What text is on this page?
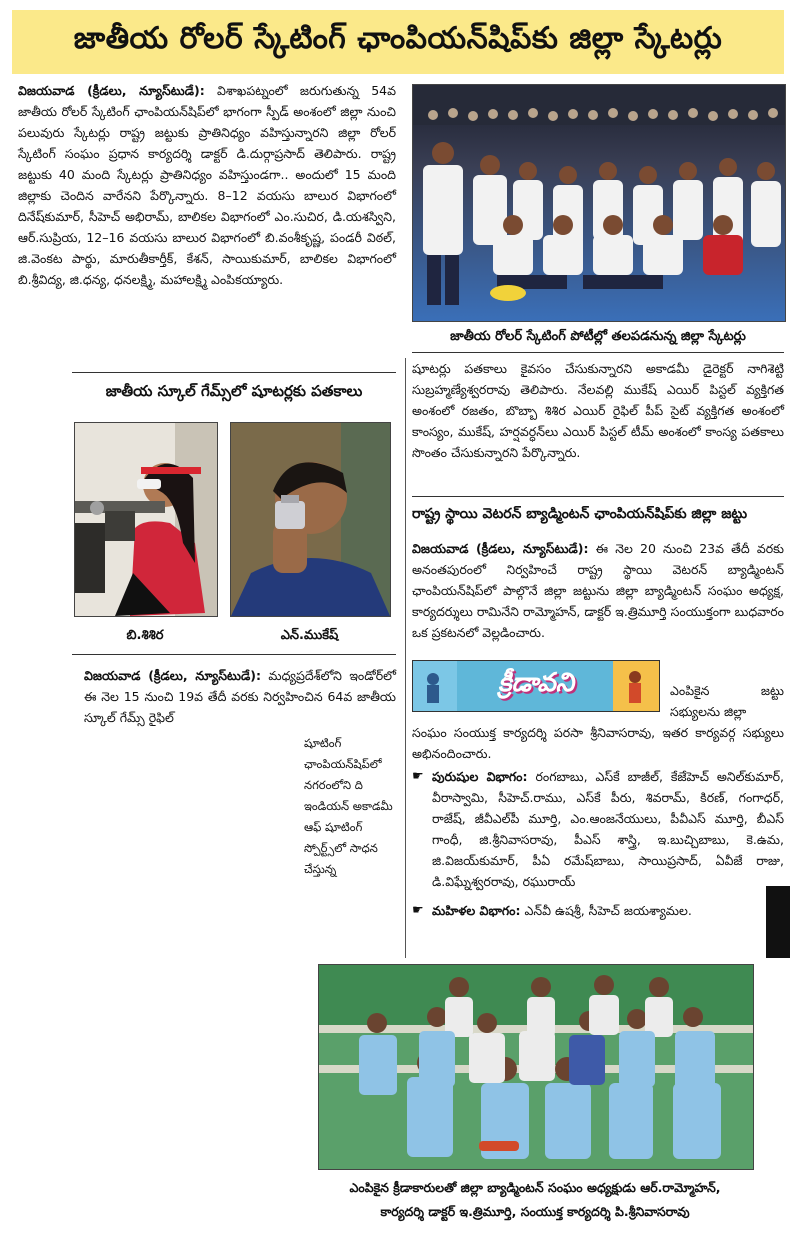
జాతీయ రోలర్ స్కేటింగ్ ఛాంపియన్‌షిప్‌కు జిల్లా స్కేటర్లు

విజయవాడ (క్రీడలు, న్యూస్‌టుడే): విశాఖపట్నంలో జరుగుతున్న 54వ జాతీయ రోలర్ స్కేటింగ్ ఛాంపియన్‌షిప్‌లో భాగంగా స్పీడ్ అంశంలో జిల్లా నుంచి పలువురు స్కేటర్లు రాష్ట్ర జట్టుకు ప్రాతినిధ్యం వహిస్తున్నారని జిల్లా రోలర్ స్కేటింగ్ సంఘం ప్రధాన కార్యదర్శి డాక్టర్ డి.దుర్గాప్రసాద్ తెలిపారు. రాష్ట్ర జట్టుకు 40 మంది స్కేటర్లు ప్రాతినిధ్యం వహిస్తుండగా.. అందులో 15 మంది జిల్లాకు చెందిన వారేనని పేర్కొన్నారు. 8–12 వయసు బాలుర విభాగంలో దినేష్‌కుమార్, సీహెచ్ అభిరామ్, బాలికల విభాగంలో ఎం.సుచిర, డి.యశస్విని, ఆర్.సుప్రియ, 12–16 వయసు బాలుర విభాగంలో బి.వంశీకృష్ణ, పండరీ విఠల్, జి.వెంకట పార్థు, మారుతీకార్తీక్, కేశన్, సాయికుమార్, బాలికల విభాగంలో బి.శ్రీవిద్య, జి.ధన్య, ధనలక్ష్మి, మహాలక్ష్మి ఎంపికయ్యారు.

జాతీయ రోలర్ స్కేటింగ్ పోటీల్లో తలపడనున్న జిల్లా స్కేటర్లు
జాతీయ స్కూల్ గేమ్స్‌లో షూటర్లకు పతకాలు
బి.శిశిర	ఎన్.ముకేష్

విజయవాడ (క్రీడలు, న్యూస్‌టుడే): మధ్యప్రదేశ్‌లోని ఇండోర్‌లో ఈ నెల 15 నుంచి 19వ తేదీ వరకు నిర్వహించిన 64వ జాతీయ స్కూల్ గేమ్స్ రైఫిల్

షూటింగ్ ఛాంపియన్‌షిప్‌లో నగరంలోని ది ఇండియన్ అకాడమీ ఆఫ్ షూటింగ్ స్పోర్ట్స్‌లో సాధన చేస్తున్న

షూటర్లు పతకాలు కైవసం చేసుకున్నారని అకాడమీ డైరెక్టర్ నాగిశెట్టి సుబ్రహ్మణ్యేశ్వరరావు తెలిపారు. నేలవల్లి ముకేష్ ఎయిర్ పిస్టల్ వ్యక్తిగత అంశంలో రజతం, బొబ్బా శిశిర ఎయిర్ రైఫిల్ పీప్ సైట్ వ్యక్తిగత అంశంలో కాంస్యం, ముకేష్, హర్షవర్ధన్‌లు ఎయిర్ పిస్టల్ టీమ్ అంశంలో కాంస్య పతకాలు సొంతం చేసుకున్నారని పేర్కొన్నారు.

రాష్ట్ర స్థాయి వెటరన్ బ్యాడ్మింటన్ ఛాంపియన్‌షిప్‌కు జిల్లా జట్టు

విజయవాడ (క్రీడలు, న్యూస్‌టుడే): ఈ నెల 20 నుంచి 23వ తేదీ వరకు అనంతపురంలో నిర్వహించే రాష్ట్ర స్థాయి వెటరన్ బ్యాడ్మింటన్ ఛాంపియన్‌షిప్‌లో పాల్గొనే జిల్లా జట్టును జిల్లా బ్యాడ్మింటన్ సంఘం అధ్యక్ష, కార్యదర్శులు రామినేని రామ్మోహన్, డాక్టర్ ఇ.త్రిమూర్తి సంయుక్తంగా బుధవారం ఒక ప్రకటనలో వెల్లడించారు.

క్రీడావని	ఎంపికైన జట్టు సభ్యులను జిల్లా

సంఘం సంయుక్త కార్యదర్శి పరసా శ్రీనివాసరావు, ఇతర కార్యవర్గ సభ్యులు అభినందించారు.

☛ పురుషుల విభాగం: రంగబాబు, ఎస్‌కే బాజీల్, కేజేహెచ్ అనిల్‌కుమార్, వీరాస్వామి, సీహెచ్.రాము, ఎస్‌కే పీరు, శివరామ్, కిరణ్, గంగాధర్, రాజేష్, జీవీఎల్‌పీ మూర్తి, ఎం.ఆంజనేయులు, పీవీఎస్ మూర్తి, బీఎస్ గాంధీ, జి.శ్రీనివాసరావు, పీఎస్ శాస్త్రి, ఇ.బుచ్చిబాబు, కె.ఉమ, జి.విజయ్‌కుమార్, పీఏ రమేష్‌బాబు, సాయిప్రసాద్, ఏవీజే రాజు, డి.విఘ్నేశ్వరరావు, రఘురాయ్

☛ మహిళల విభాగం: ఎన్‌వీ ఉషశ్రీ, సీహెచ్ జయశ్యామల.

ఎంపికైన క్రీడాకారులతో జిల్లా బ్యాడ్మింటన్ సంఘం అధ్యక్షుడు ఆర్.రామ్మోహన్,
కార్యదర్శి డాక్టర్ ఇ.త్రిమూర్తి, సంయుక్త కార్యదర్శి పి.శ్రీనివాసరావు
